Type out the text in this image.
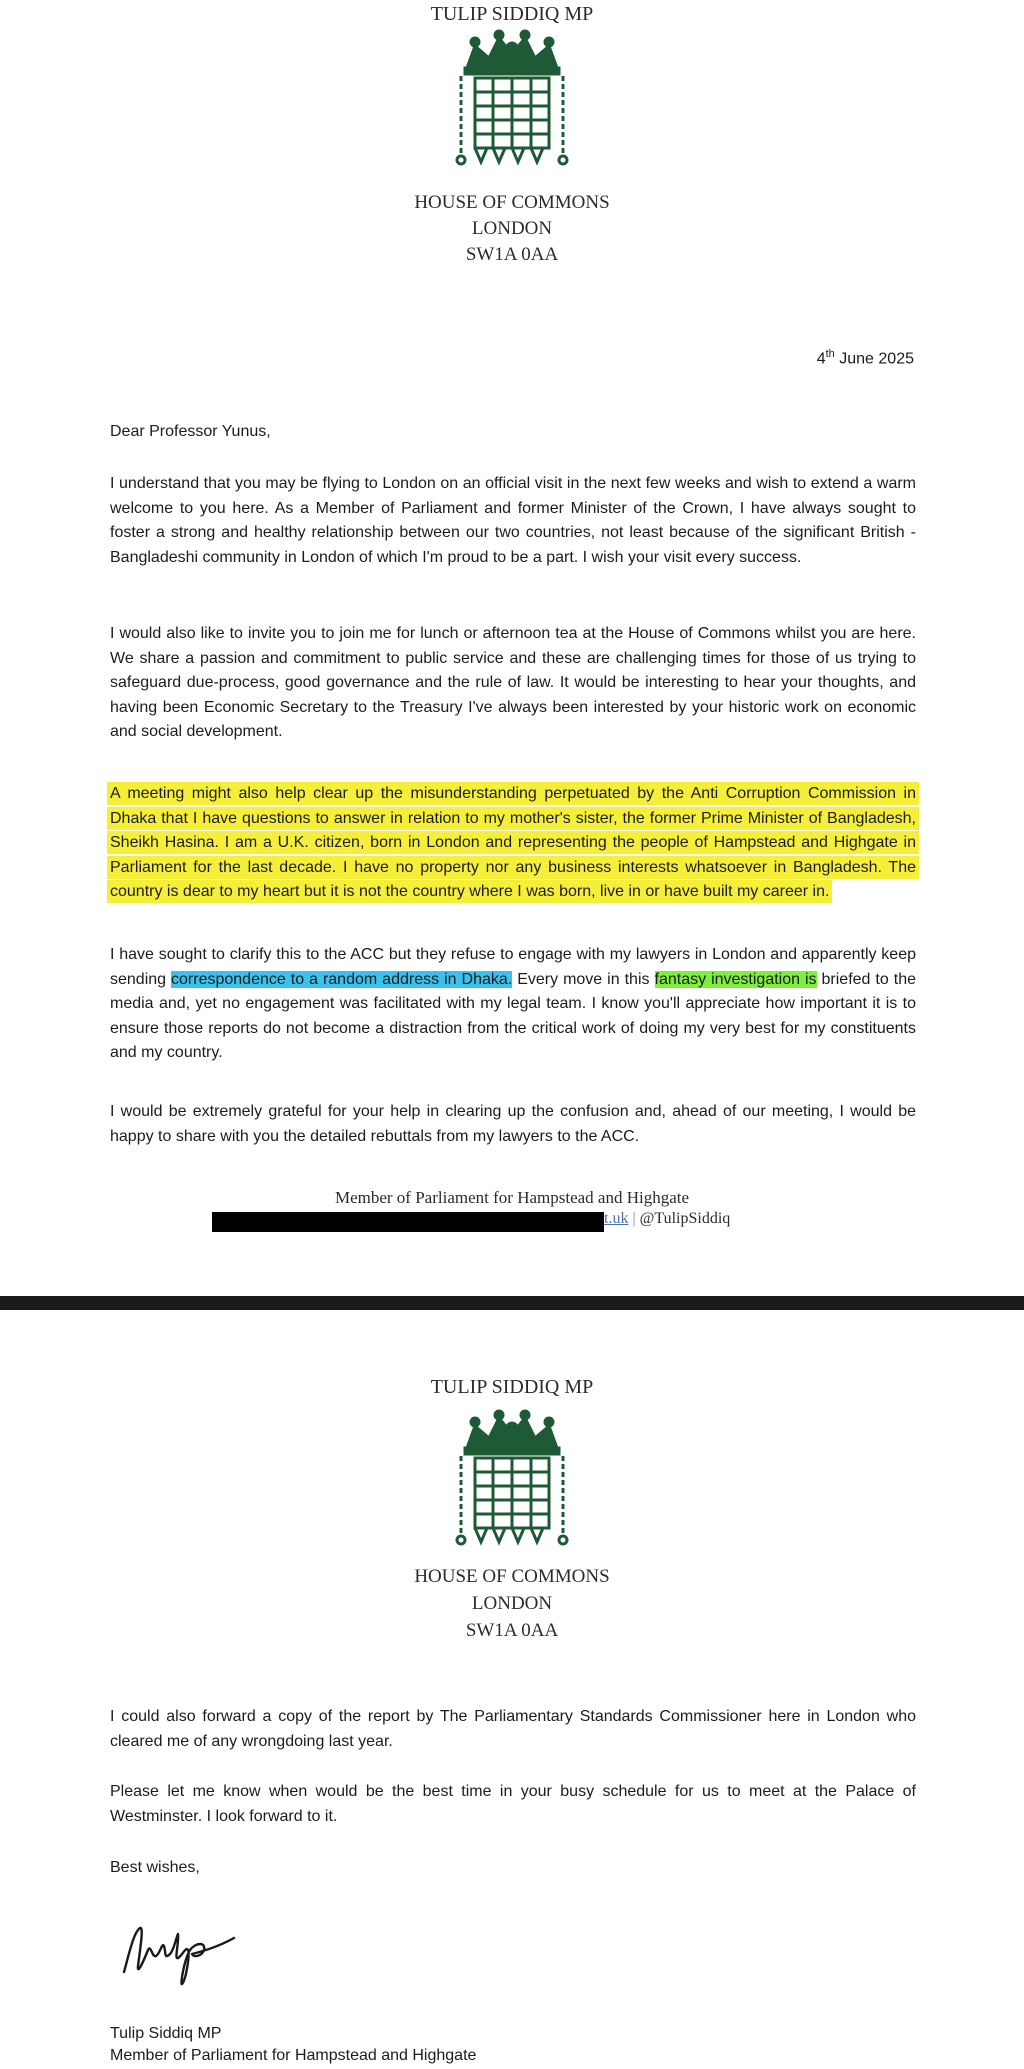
TULIP SIDDIQ MP
HOUSE OF COMMONS
LONDON
SW1A 0AA
4th June 2025
Dear Professor Yunus,

I understand that you may be flying to London on an official visit in the next few weeks and wish to extend a warm welcome to you here. As a Member of Parliament and former Minister of the Crown, I have always sought to foster a strong and healthy relationship between our two countries, not least because of the significant British -Bangladeshi community in London of which I'm proud to be a part. I wish your visit every success.

I would also like to invite you to join me for lunch or afternoon tea at the House of Commons whilst you are here. We share a passion and commitment to public service and these are challenging times for those of us trying to safeguard due-process, good governance and the rule of law. It would be interesting to hear your thoughts, and having been Economic Secretary to the Treasury I've always been interested by your historic work on economic and social development.

A meeting might also help clear up the misunderstanding perpetuated by the Anti Corruption Commission in Dhaka that I have questions to answer in relation to my mother's sister, the former Prime Minister of Bangladesh, Sheikh Hasina. I am a U.K. citizen, born in London and representing the people of Hampstead and Highgate in Parliament for the last decade. I have no property nor any business interests whatsoever in Bangladesh. The country is dear to my heart but it is not the country where I was born, live in or have built my career in.

I have sought to clarify this to the ACC but they refuse to engage with my lawyers in London and apparently keep sending correspondence to a random address in Dhaka. Every move in this fantasy investigation is briefed to the media and, yet no engagement was facilitated with my legal team. I know you'll appreciate how important it is to ensure those reports do not become a distraction from the critical work of doing my very best for my constituents and my country.

I would be extremely grateful for your help in clearing up the confusion and, ahead of our meeting, I would be happy to share with you the detailed rebuttals from my lawyers to the ACC.

Member of Parliament for Hampstead and Highgate
t.uk | @TulipSiddiq
TULIP SIDDIQ MP
HOUSE OF COMMONS
LONDON
SW1A 0AA

I could also forward a copy of the report by The Parliamentary Standards Commissioner here in London who cleared me of any wrongdoing last year.

Please let me know when would be the best time in your busy schedule for us to meet at the Palace of Westminster. I look forward to it.

Best wishes,
Tulip Siddiq MP
Member of Parliament for Hampstead and Highgate
